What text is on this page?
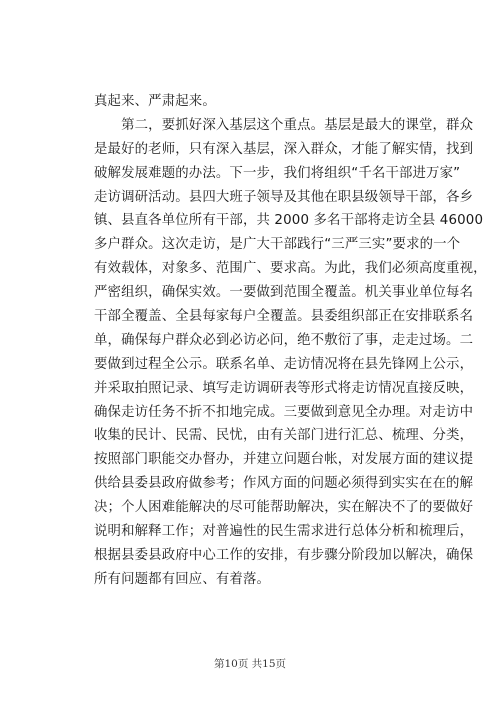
真起来、严肃起来。
　　第二，要抓好深入基层这个重点。基层是最大的课堂，群众
是最好的老师，只有深入基层，深入群众，才能了解实情，找到
破解发展难题的办法。下一步，我们将组织“千名干部进万家”
走访调研活动。县四大班子领导及其他在职县级领导干部，各乡
镇、县直各单位所有干部，共 2000 多名干部将走访全县 46000
多户群众。这次走访，是广大干部践行“三严三实”要求的一个
有效载体，对象多、范围广、要求高。为此，我们必须高度重视，
严密组织，确保实效。一要做到范围全覆盖。机关事业单位每名
干部全覆盖、全县每家每户全覆盖。县委组织部正在安排联系名
单，确保每户群众必到必访必问，绝不敷衍了事，走走过场。二
要做到过程全公示。联系名单、走访情况将在县先锋网上公示，
并采取拍照记录、填写走访调研表等形式将走访情况直接反映，
确保走访任务不折不扣地完成。三要做到意见全办理。对走访中
收集的民计、民需、民忧，由有关部门进行汇总、梳理、分类，
按照部门职能交办督办，并建立问题台帐，对发展方面的建议提
供给县委县政府做参考；作风方面的问题必须得到实实在在的解
决；个人困难能解决的尽可能帮助解决，实在解决不了的要做好
说明和解释工作；对普遍性的民生需求进行总体分析和梳理后，
根据县委县政府中心工作的安排，有步骤分阶段加以解决，确保
所有问题都有回应、有着落。
第10页 共15页
